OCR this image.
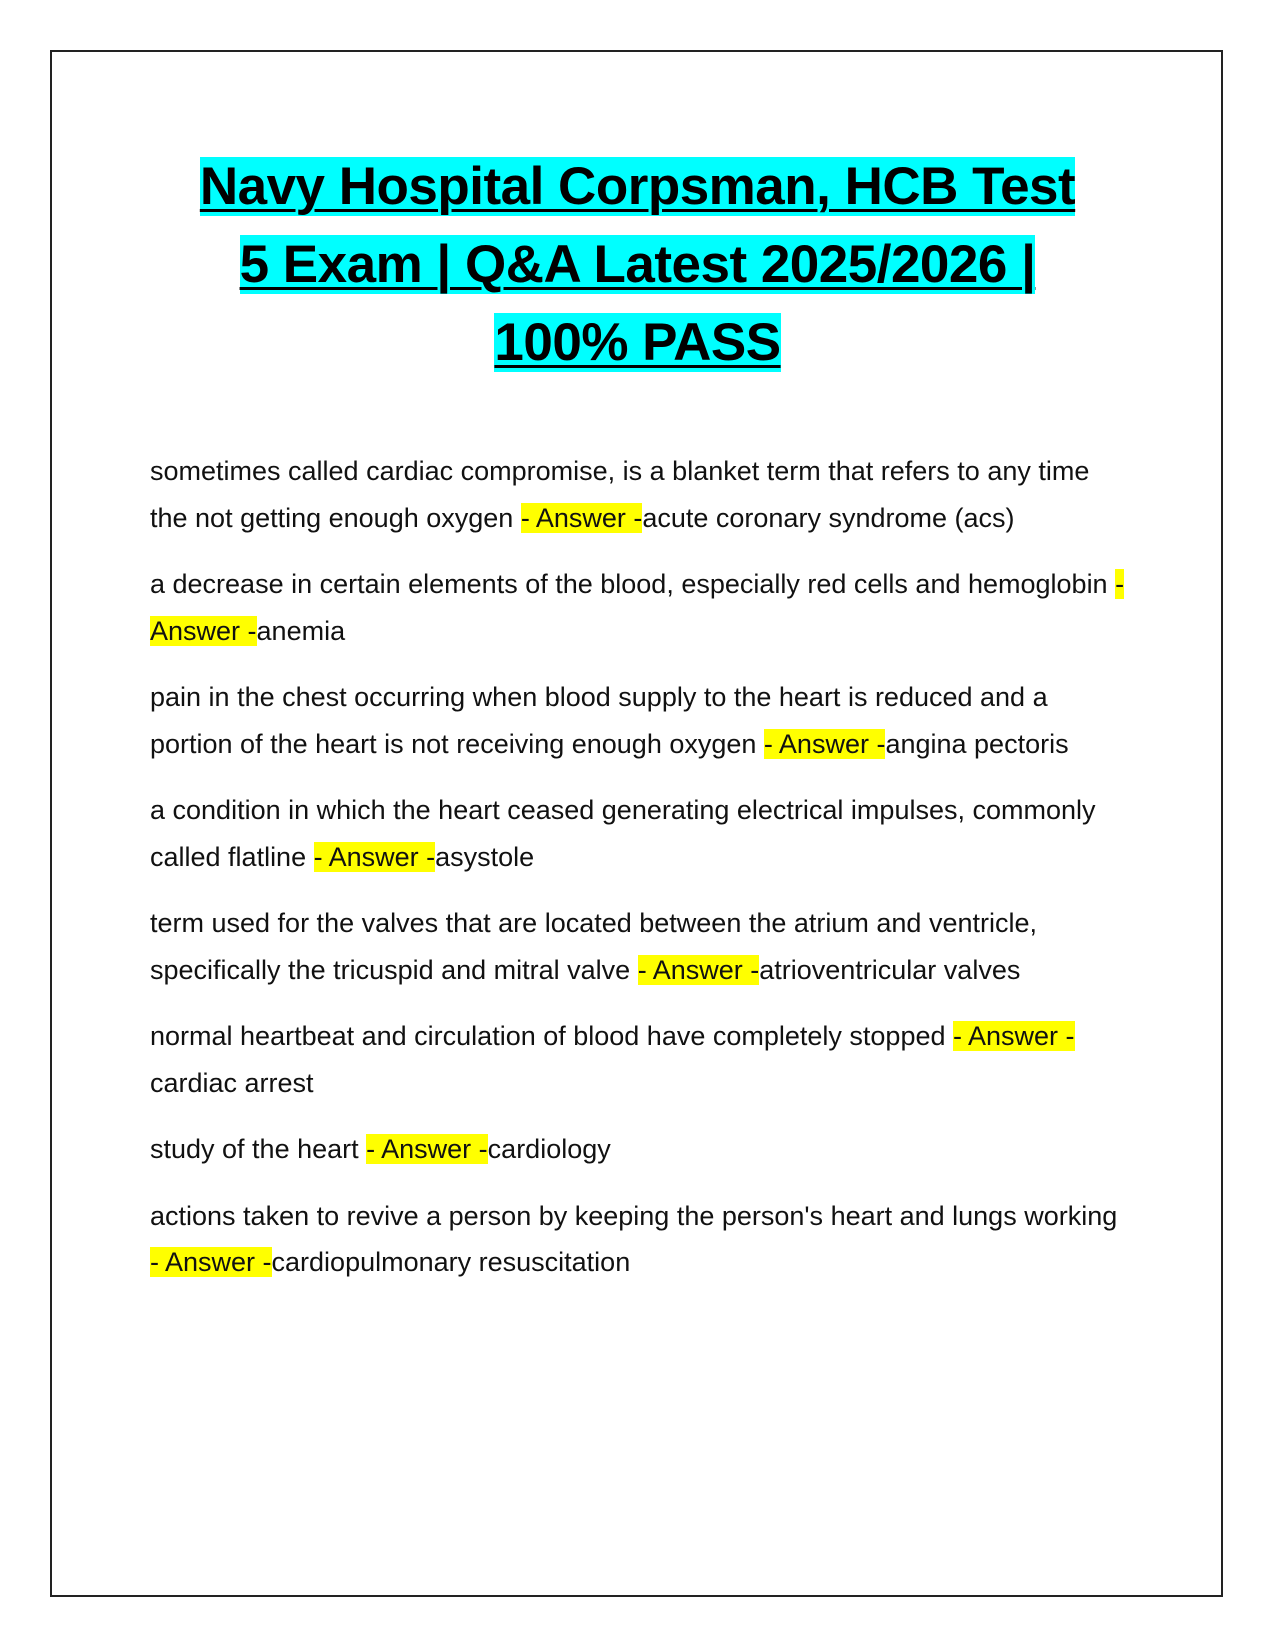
Navy Hospital Corpsman, HCB Test
5 Exam | Q&A Latest 2025/2026 |
100% PASS

sometimes called cardiac compromise, is a blanket term that refers to any time the not getting enough oxygen - Answer -acute coronary syndrome (acs)

a decrease in certain elements of the blood, especially red cells and hemoglobin - Answer -anemia

pain in the chest occurring when blood supply to the heart is reduced and a portion of the heart is not receiving enough oxygen - Answer -angina pectoris

a condition in which the heart ceased generating electrical impulses, commonly called flatline - Answer -asystole

term used for the valves that are located between the atrium and ventricle, specifically the tricuspid and mitral valve - Answer -atrioventricular valves

normal heartbeat and circulation of blood have completely stopped - Answer -cardiac arrest

study of the heart - Answer -cardiology

actions taken to revive a person by keeping the person's heart and lungs working - Answer -cardiopulmonary resuscitation
